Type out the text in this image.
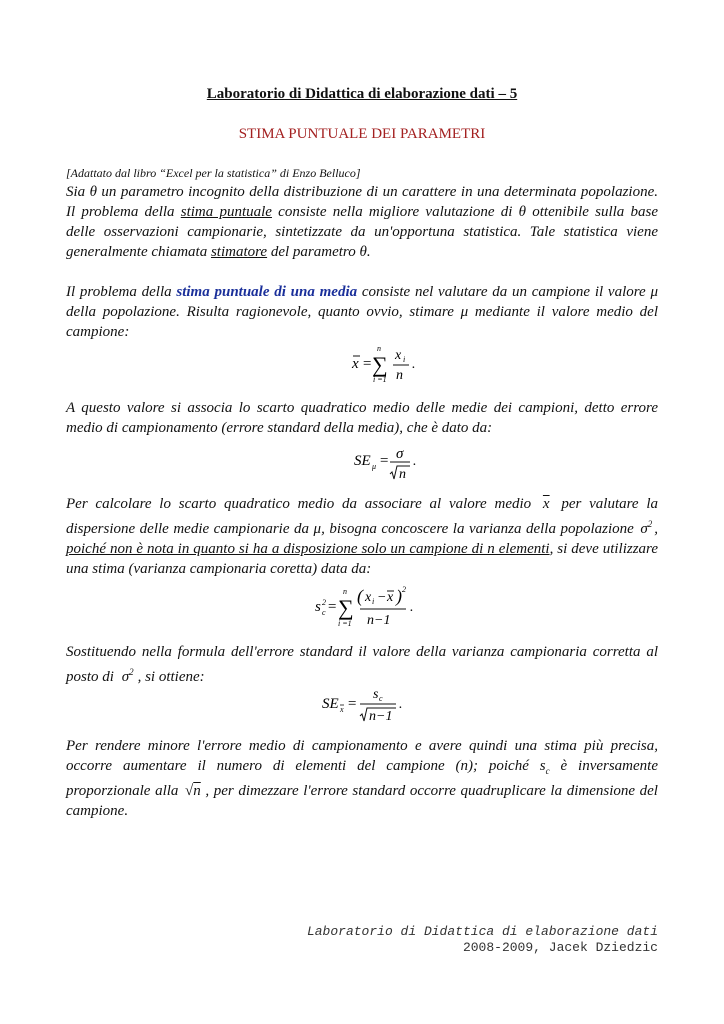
Laboratorio di Didattica di elaborazione dati – 5
STIMA PUNTUALE DEI PARAMETRI
[Adattato dal libro “Excel per la statistica” di Enzo Belluco]
Sia θ un parametro incognito della distribuzione di un carattere in una determinata popolazione. Il problema della stima puntuale consiste nella migliore valutazione di θ ottenibile sulla base delle osservazioni campionarie, sintetizzate da un'opportuna statistica. Tale statistica viene generalmente chiamata stimatore del parametro θ.
Il problema della stima puntuale di una media consiste nel valutare da un campione il valore μ della popolazione. Risulta ragionevole, quanto ovvio, stimare μ mediante il valore medio del campione:
x =
n
∑
i =1
x i
n
.
A questo valore si associa lo scarto quadratico medio delle medie dei campioni, detto errore medio di campionamento (errore standard della media), che è dato da:
SE μ = σ
n
.
Per calcolare lo scarto quadratico medio da associare al valore medio $\overline{x}$ per valutare la dispersione delle medie campionarie da μ, bisogna concoscere la varianza della popolazione $\sigma^2$ , poiché non è nota in quanto si ha a disposizione solo un campione di n elementi, si deve utilizzare una stima (varianza campionaria coretta) data da:
s 2
c =
n
∑
i =1
( x i − x ) 2
n−1
.
Sostituendo nella formula dell'errore standard il valore della varianza campionaria corretta al posto di $\sigma^2$ , si ottiene:
SE x =
s c
n−1
.
Per rendere minore l'errore medio di campionamento e avere quindi una stima più precisa, occorre aumentare il numero di elementi del campione (n); poiché $s_c$ è inversamente proporzionale alla √n , per dimezzare l'errore standard occorre quadruplicare la dimensione del campione.
Laboratorio di Didattica di elaborazione dati
2008-2009, Jacek Dziedzic
